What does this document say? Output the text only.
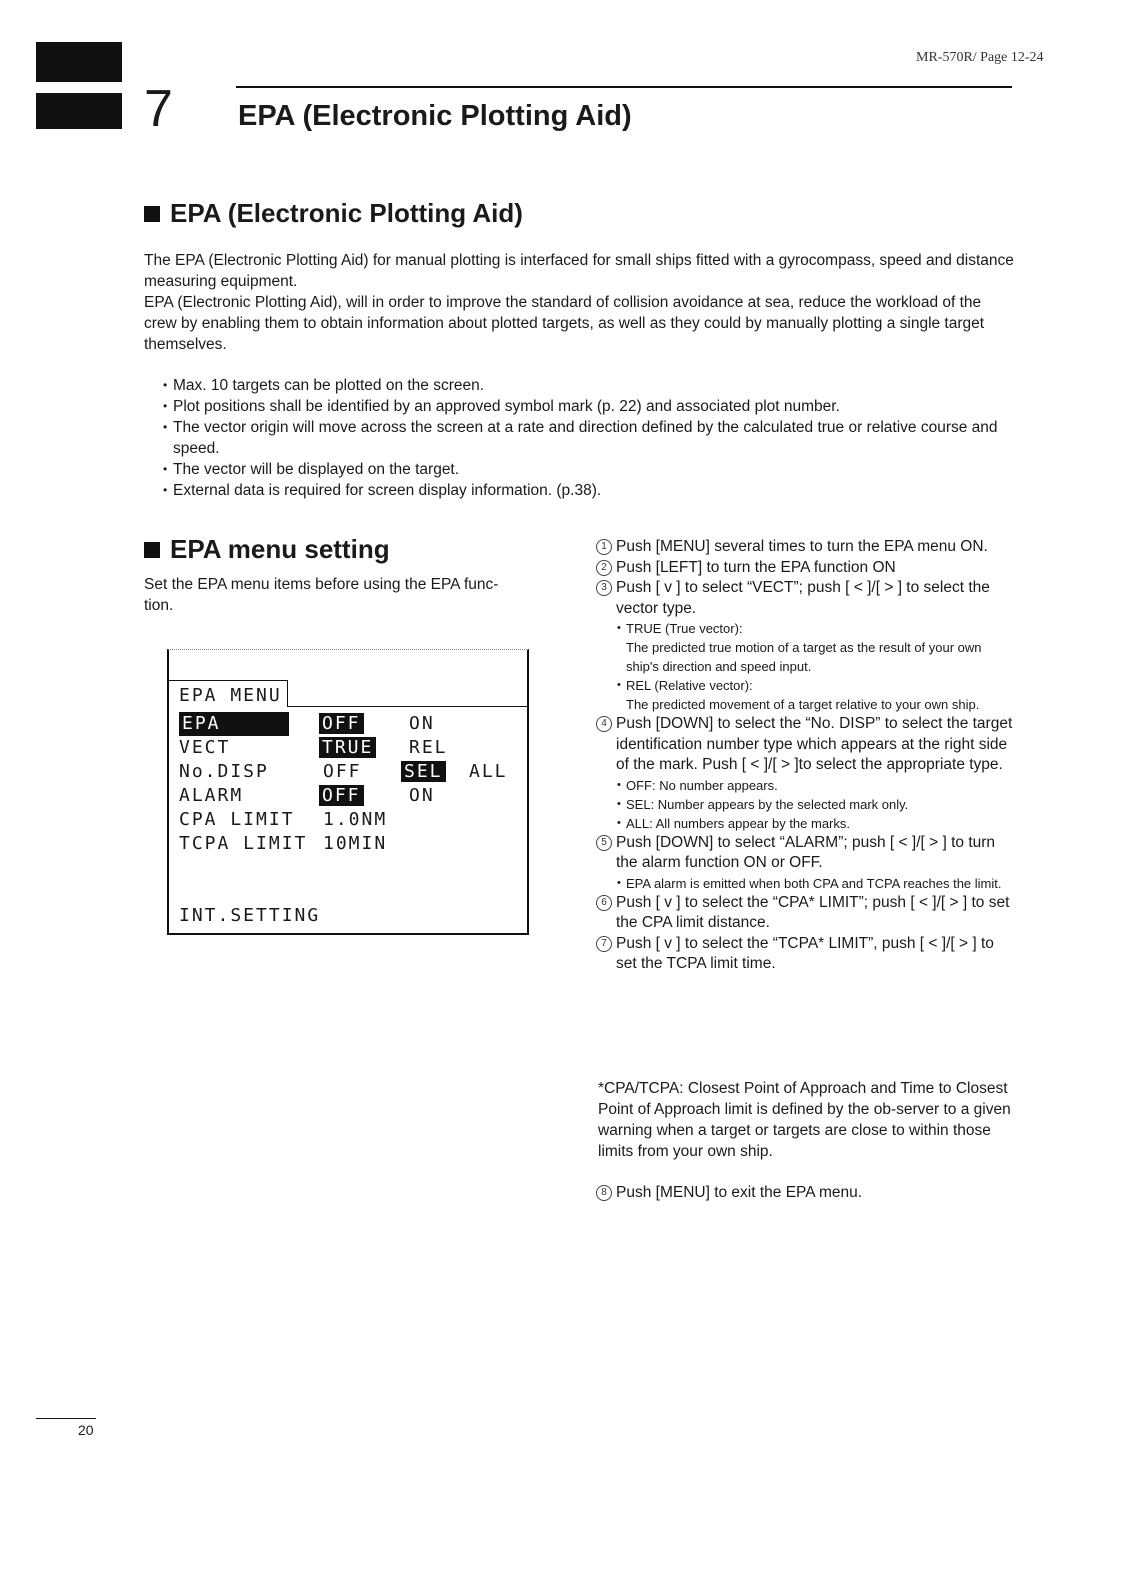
MR-570R/ Page 12-24
7 EPA (Electronic Plotting Aid)
EPA (Electronic Plotting Aid)

The EPA (Electronic Plotting Aid) for manual plotting is interfaced for small ships fitted with a gyrocompass, speed and distance measuring equipment.

EPA (Electronic Plotting Aid), will in order to improve the standard of collision avoidance at sea, reduce the workload of the crew by enabling them to obtain information about plotted targets, as well as they could by manually plotting a single target themselves.

• Max. 10 targets can be plotted on the screen.
• Plot positions shall be identified by an approved symbol mark (p. 22) and associated plot number.
• The vector origin will move across the screen at a rate and direction defined by the calculated true or relative course and speed.
• The vector will be displayed on the target.
• External data is required for screen display information. (p.38).
EPA menu setting

Set the EPA menu items before using the EPA func-

tion.

EPA MENU
EPA	OFF	ON
VECT	TRUE REL
No.DISP	OFF SEL ALL
ALARM	OFF	ON
CPA LIMIT 1.0NM
TCPA LIMIT 10MIN
INT.SETTING

1 Push [MENU] several times to turn the EPA menu ON.

2 Push [LEFT] to turn the EPA function ON

3 Push [ v ] to select “VECT”; push [ < ]/[ > ] to select the vector type.

• TRUE (True vector):
The predicted true motion of a target as the result of your own ship's direction and speed input.
• REL (Relative vector):
The predicted movement of a target relative to your own ship.

4 Push [DOWN] to select the “No. DISP” to select the target identification number type which appears at the right side of the mark. Push [ < ]/[ > ]to select the appropriate type.

• OFF: No number appears.
• SEL: Number appears by the selected mark only.
• ALL: All numbers appear by the marks.

5 Push [DOWN] to select “ALARM”; push [ < ]/[ > ] to turn the alarm function ON or OFF.

• EPA alarm is emitted when both CPA and TCPA reaches the limit.

6 Push [ v ] to select the “CPA* LIMIT”; push [ < ]/[ > ] to set the CPA limit distance.

7 Push [ v ] to select the “TCPA* LIMIT”, push [ < ]/[ > ] to set the TCPA limit time.

*CPA/TCPA: Closest Point of Approach and Time to Closest Point of Approach limit is defined by the ob-server to a given warning when a target or targets are close to within those limits from your own ship.

8 Push [MENU] to exit the EPA menu.

20
